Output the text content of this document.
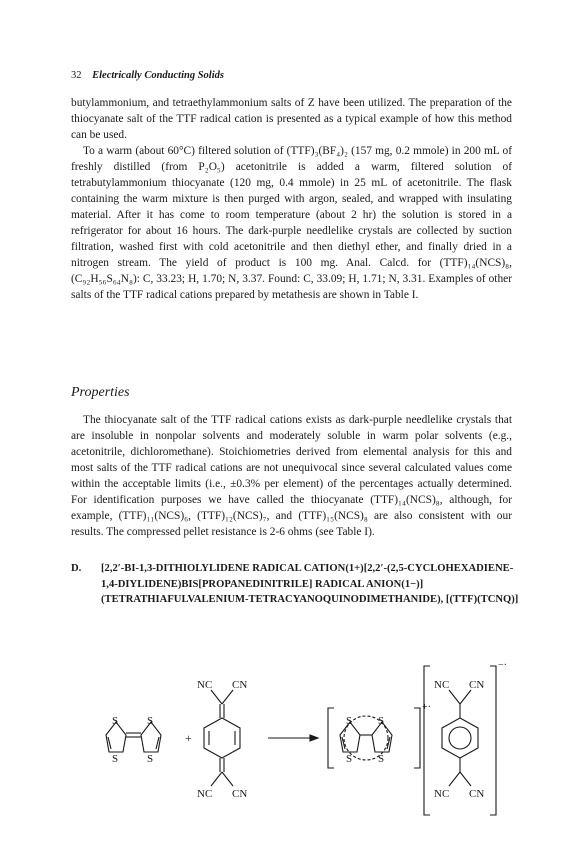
32 Electrically Conducting Solids

butylammonium, and tetraethylammonium salts of Z have been utilized. The preparation of the thiocyanate salt of the TTF radical cation is presented as a typical example of how this method can be used.

To a warm (about 60°C) filtered solution of (TTF)₃(BF₄)₂ (157 mg, 0.2 mmole) in 200 mL of freshly distilled (from P₂O₅) acetonitrile is added a warm, filtered solution of tetrabutylammonium thiocyanate (120 mg, 0.4 mmole) in 25 mL of acetonitrile. The flask containing the warm mixture is then purged with argon, sealed, and wrapped with insulating material. After it has come to room temperature (about 2 hr) the solution is stored in a refrigerator for about 16 hours. The dark-purple needlelike crystals are collected by suction filtration, washed first with cold acetonitrile and then diethyl ether, and finally dried in a nitrogen stream. The yield of product is 100 mg. Anal. Calcd. for (TTF)₁₄(NCS)₈, (C₉₂H₅₆S₆₄N₈): C, 33.23; H, 1.70; N, 3.37. Found: C, 33.09; H, 1.71; N, 3.31. Examples of other salts of the TTF radical cations prepared by metathesis are shown in Table I.

Properties

The thiocyanate salt of the TTF radical cations exists as dark-purple needlelike crystals that are insoluble in nonpolar solvents and moderately soluble in warm polar solvents (e.g., acetonitrile, dichloromethane). Stoichiometries derived from elemental analysis for this and most salts of the TTF radical cations are not unequivocal since several calculated values come within the acceptable limits (i.e., ±0.3% per element) of the percentages actually determined. For identification purposes we have called the thiocyanate (TTF)₁₄(NCS)₈, although, for example, (TTF)₁₁(NCS)₆, (TTF)₁₂(NCS)₇, and (TTF)₁₅(NCS)₈ are also consistent with our results. The compressed pellet resistance is 2-6 ohms (see Table I).

D. [2,2′-BI-1,3-DITHIOLYLIDENE RADICAL CATION(1+)[2,2′-(2,5-CYCLOHEXADIENE-1,4-DIYLIDENE)BIS[PROPANEDINITRILE] RADICAL ANION(1−)] (TETRATHIAFULVALENIUM-TETRACYANOQUINODIMETHANIDE), [(TTF)(TCNQ)]
S
S
S
S
+
NC CN
NC CN
S
S
S
S
+·
NC CN
NC CN
−·
